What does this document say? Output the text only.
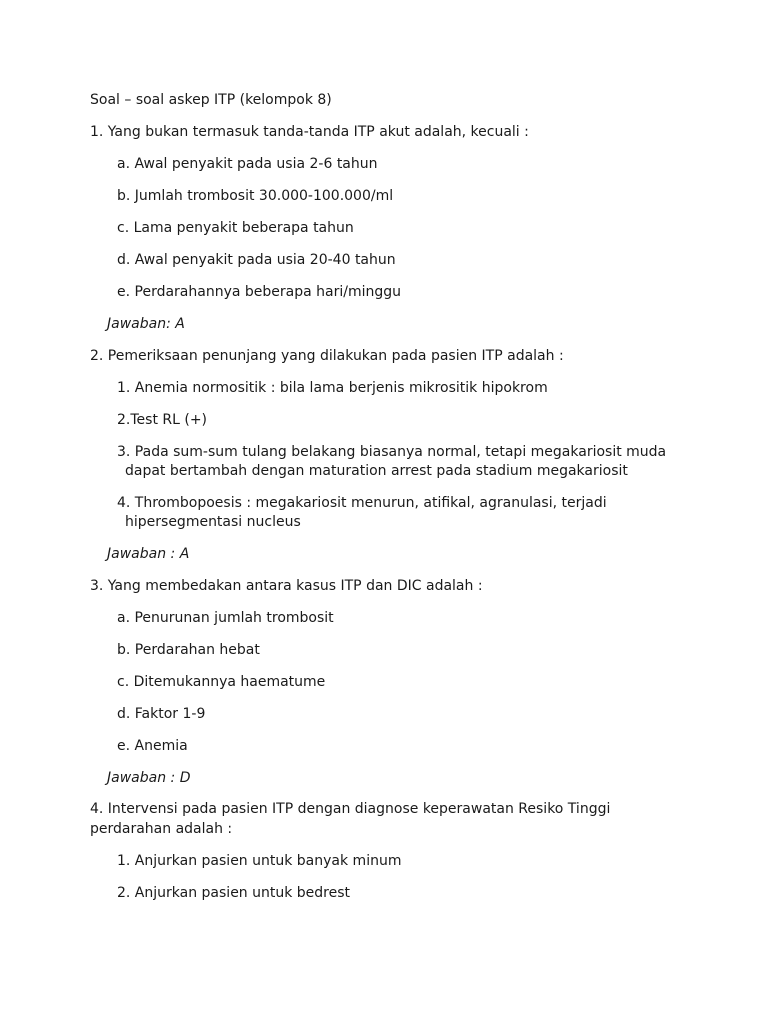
Soal – soal askep ITP (kelompok 8)
1. Yang bukan termasuk tanda-tanda ITP akut adalah, kecuali :
a. Awal penyakit pada usia 2-6 tahun
b. Jumlah trombosit 30.000-100.000/ml
c. Lama penyakit beberapa tahun
d. Awal penyakit pada usia 20-40 tahun
e. Perdarahannya beberapa hari/minggu
Jawaban: A
2. Pemeriksaan penunjang yang dilakukan pada pasien ITP adalah :
1. Anemia normositik : bila lama berjenis mikrositik hipokrom
2.Test RL (+)
3. Pada sum-sum tulang belakang biasanya normal, tetapi megakariosit muda
dapat bertambah dengan maturation arrest pada stadium megakariosit
4. Thrombopoesis : megakariosit menurun, atifikal, agranulasi, terjadi
hipersegmentasi nucleus
Jawaban : A
3. Yang membedakan antara kasus ITP dan DIC adalah :
a. Penurunan jumlah trombosit
b. Perdarahan hebat
c. Ditemukannya haematume
d. Faktor 1-9
e. Anemia
Jawaban : D
4. Intervensi pada pasien ITP dengan diagnose keperawatan Resiko Tinggi
perdarahan adalah :
1. Anjurkan pasien untuk banyak minum
2. Anjurkan pasien untuk bedrest
